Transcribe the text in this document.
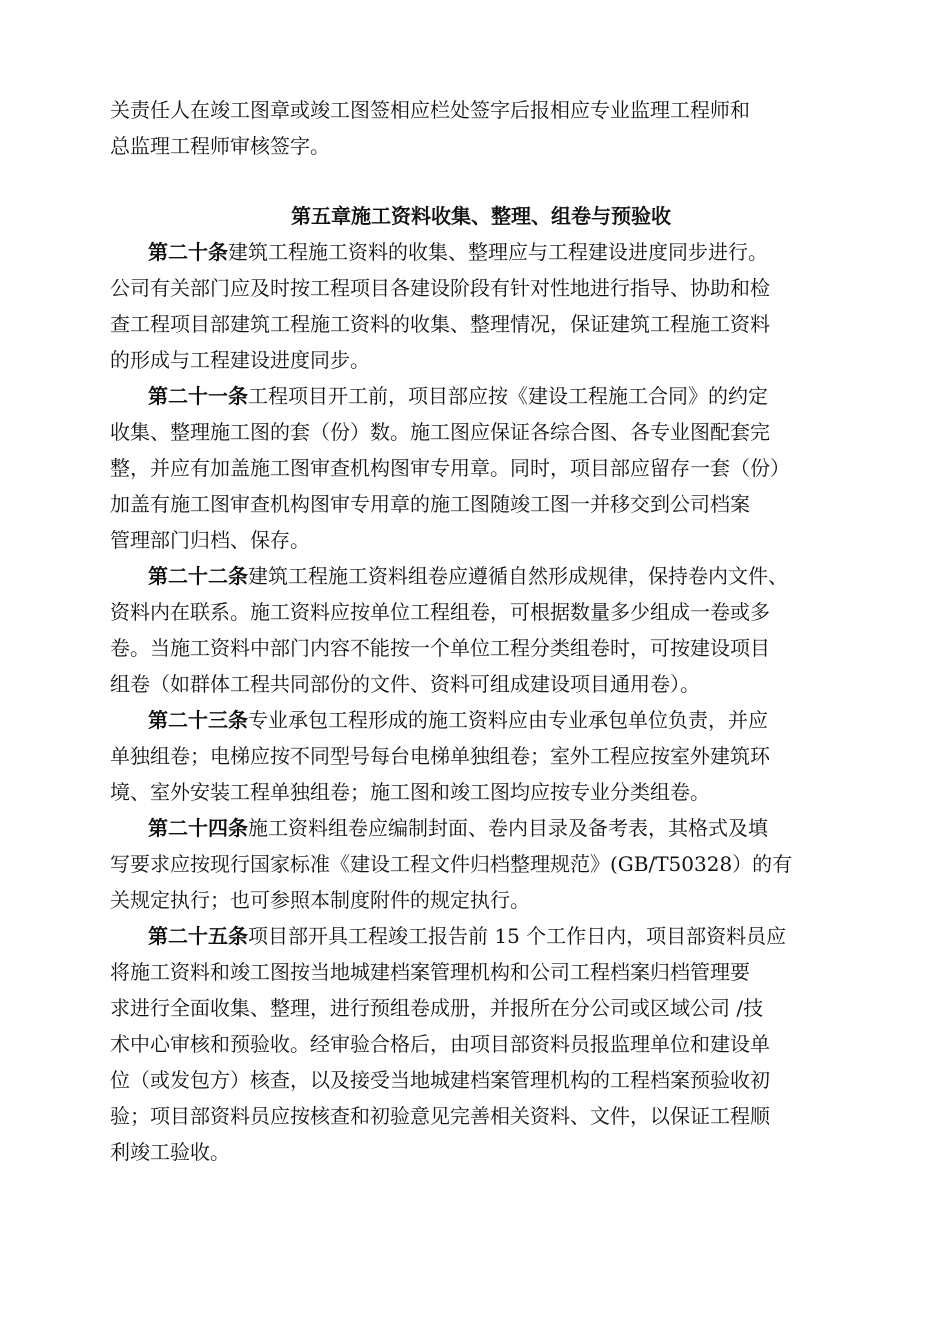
关责任人在竣工图章或竣工图签相应栏处签字后报相应专业监理工程师和
总监理工程师审核签字。
第五章施工资料收集、整理、组卷与预验收
第二十条建筑工程施工资料的收集、整理应与工程建设进度同步进行。
公司有关部门应及时按工程项目各建设阶段有针对性地进行指导、协助和检
查工程项目部建筑工程施工资料的收集、整理情况，保证建筑工程施工资料
的形成与工程建设进度同步。
第二十一条工程项目开工前，项目部应按《建设工程施工合同》的约定
收集、整理施工图的套（份）数。施工图应保证各综合图、各专业图配套完
整，并应有加盖施工图审查机构图审专用章。同时，项目部应留存一套（份）
加盖有施工图审查机构图审专用章的施工图随竣工图一并移交到公司档案
管理部门归档、保存。
第二十二条建筑工程施工资料组卷应遵循自然形成规律，保持卷内文件、
资料内在联系。施工资料应按单位工程组卷，可根据数量多少组成一卷或多
卷。当施工资料中部门内容不能按一个单位工程分类组卷时，可按建设项目
组卷（如群体工程共同部份的文件、资料可组成建设项目通用卷）。
第二十三条专业承包工程形成的施工资料应由专业承包单位负责，并应
单独组卷；电梯应按不同型号每台电梯单独组卷；室外工程应按室外建筑环
境、室外安装工程单独组卷；施工图和竣工图均应按专业分类组卷。
第二十四条施工资料组卷应编制封面、卷内目录及备考表，其格式及填
写要求应按现行国家标准《建设工程文件归档整理规范》(GB/T50328）的有
关规定执行；也可参照本制度附件的规定执行。
第二十五条项目部开具工程竣工报告前 15 个工作日内，项目部资料员应
将施工资料和竣工图按当地城建档案管理机构和公司工程档案归档管理要
求进行全面收集、整理，进行预组卷成册，并报所在分公司或区域公司 /技
术中心审核和预验收。经审验合格后，由项目部资料员报监理单位和建设单
位（或发包方）核查，以及接受当地城建档案管理机构的工程档案预验收初
验；项目部资料员应按核查和初验意见完善相关资料、文件，以保证工程顺
利竣工验收。
